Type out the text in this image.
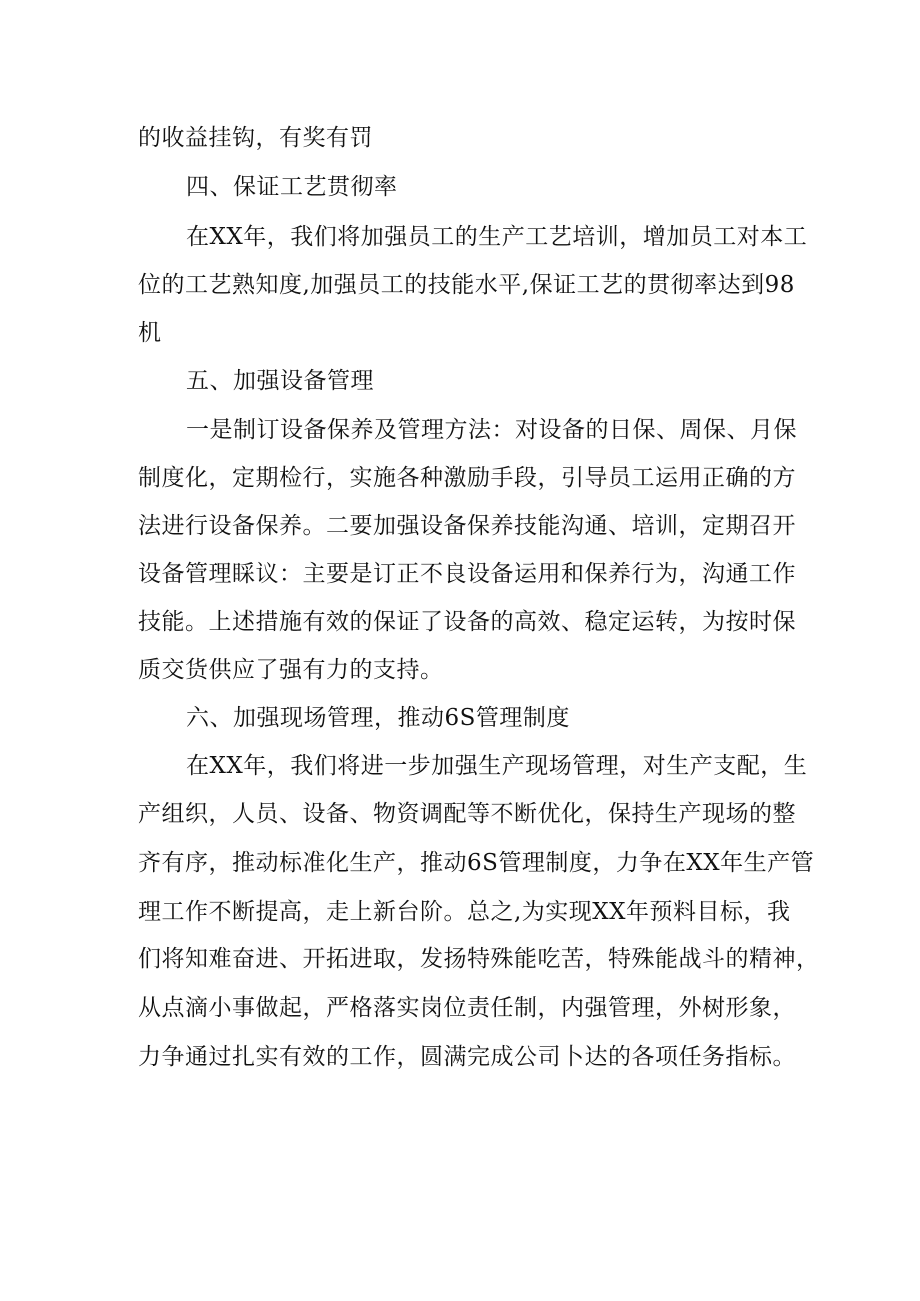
的收益挂钩，有奖有罚
四、保证工艺贯彻率
在XX年，我们将加强员工的生产工艺培训，增加员工对本工
位的工艺熟知度,加强员工的技能水平,保证工艺的贯彻率达到98
机
五、加强设备管理
一是制订设备保养及管理方法：对设备的日保、周保、月保
制度化，定期检行，实施各种激励手段，引导员工运用正确的方
法进行设备保养。二要加强设备保养技能沟通、培训，定期召开
设备管理睬议：主要是订正不良设备运用和保养行为，沟通工作
技能。上述措施有效的保证了设备的高效、稳定运转，为按时保
质交货供应了强有力的支持。
六、加强现场管理，推动6S管理制度
在XX年，我们将进一步加强生产现场管理，对生产支配，生
产组织，人员、设备、物资调配等不断优化，保持生产现场的整
齐有序，推动标准化生产，推动6S管理制度，力争在XX年生产管
理工作不断提高，走上新台阶。总之,为实现XX年预料目标，我
们将知难奋进、开拓进取，发扬特殊能吃苦，特殊能战斗的精神，
从点滴小事做起，严格落实岗位责任制，内强管理，外树形象，
力争通过扎实有效的工作，圆满完成公司卜达的各项任务指标。
